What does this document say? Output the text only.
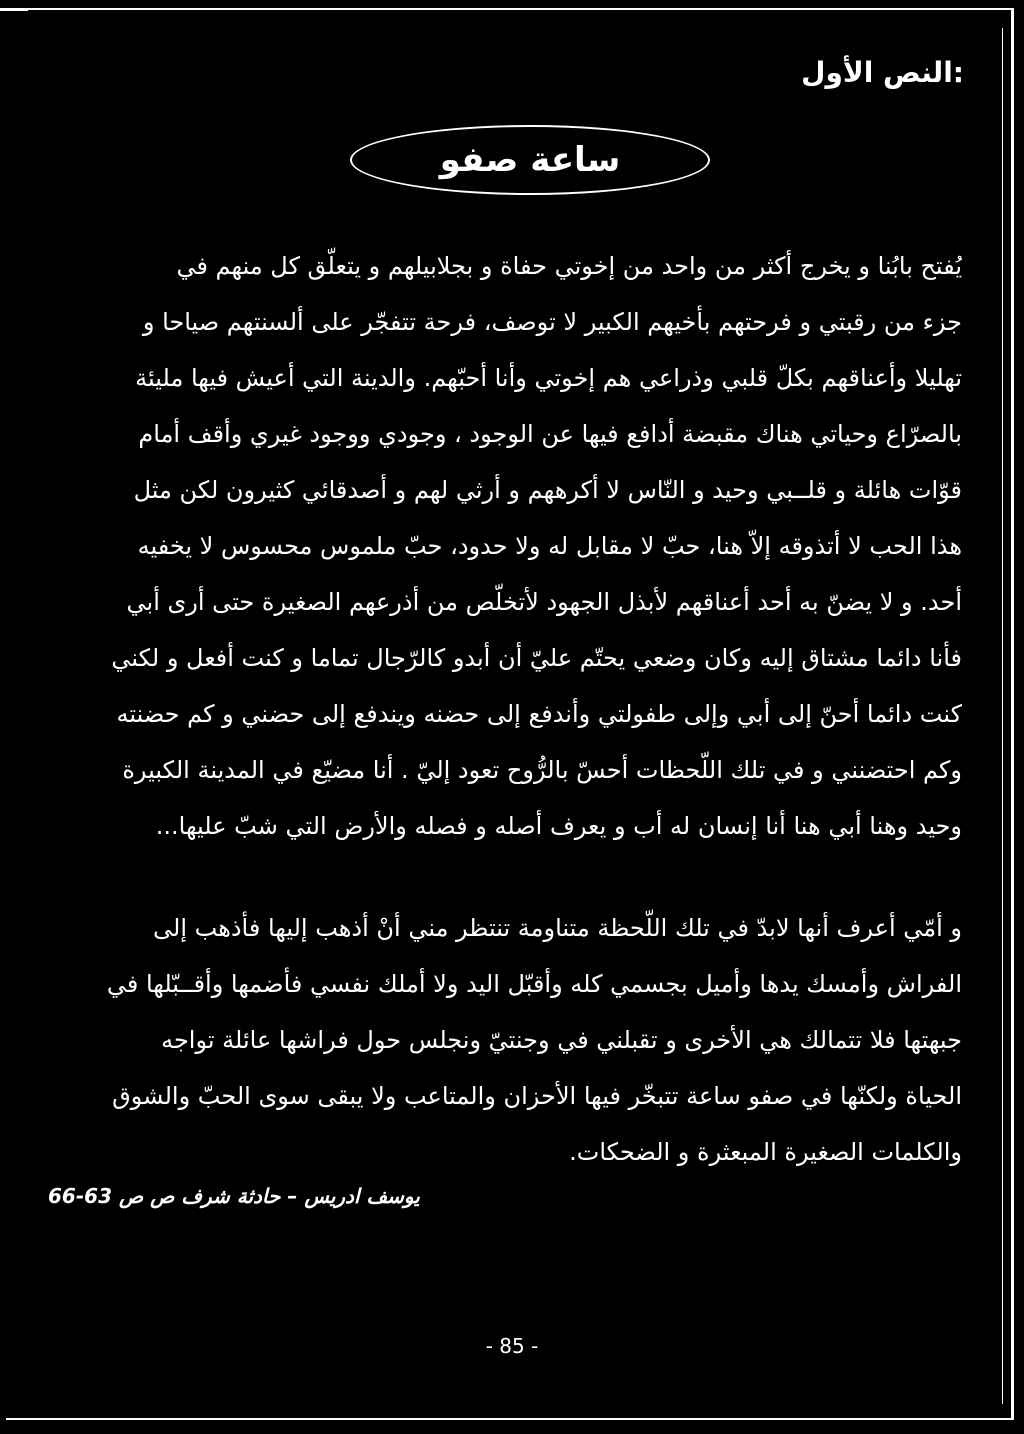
:النص الأول
ساعة صفو
يُفتح بابُنا و يخرج أكثر من واحد من إخوتي حفاة و بجلابيلهم و يتعلّق كل منهم في
جزء من رقبتي و فرحتهم بأخيهم الكبير لا توصف، فرحة تتفجّر على ألسنتهم صياحا و
تهليلا وأعناقهم بكلّ قلبي وذراعي هم إخوتي وأنا أحبّهم. والدينة التي أعيش فيها مليئة
بالصرّاع وحياتي هناك مقبضة أدافع فيها عن الوجود ، وجودي ووجود غيري وأقف أمام
قوّات هائلة و قلــبي وحيد و النّاس لا أكرههم و أرثي لهم و أصدقائي كثيرون لكن مثل
هذا الحب لا أتذوقه إلاّ هنا، حبّ لا مقابل له ولا حدود، حبّ ملموس محسوس لا يخفيه
أحد. و لا يضنّ به أحد أعناقهم لأبذل الجهود لأتخلّص من أذرعهم الصغيرة حتى أرى أبي
فأنا دائما مشتاق إليه وكان وضعي يحتّم عليّ أن أبدو كالرّجال تماما و كنت أفعل و لكني
كنت دائما أحنّ إلى أبي وإلى طفولتي وأندفع إلى حضنه ويندفع إلى حضني و كم حضنته
وكم احتضنني و في تلك اللّحظات أحسّ بالرُّوح تعود إليّ . أنا مضيّع في المدينة الكبيرة
وحيد وهنا أبي هنا أنا إنسان له أب و يعرف أصله و فصله والأرض التي شبّ عليها...
و أمّي أعرف أنها لابدّ في تلك اللّحظة متناومة تنتظر مني أنْ أذهب إليها فأذهب إلى
الفراش وأمسك يدها وأميل بجسمي كله وأقبّل اليد ولا أملك نفسي فأضمها وأقــبّلها في
جبهتها فلا تتمالك هي الأخرى و تقبلني في وجنتيّ ونجلس حول فراشها عائلة تواجه
الحياة ولكنّها في صفو ساعة تتبخّر فيها الأحزان والمتاعب ولا يبقى سوى الحبّ والشوق
والكلمات الصغيرة المبعثرة و الضحكات.
يوسف ادريس – حادثة شرف ص ص 63-66
- 85 -
